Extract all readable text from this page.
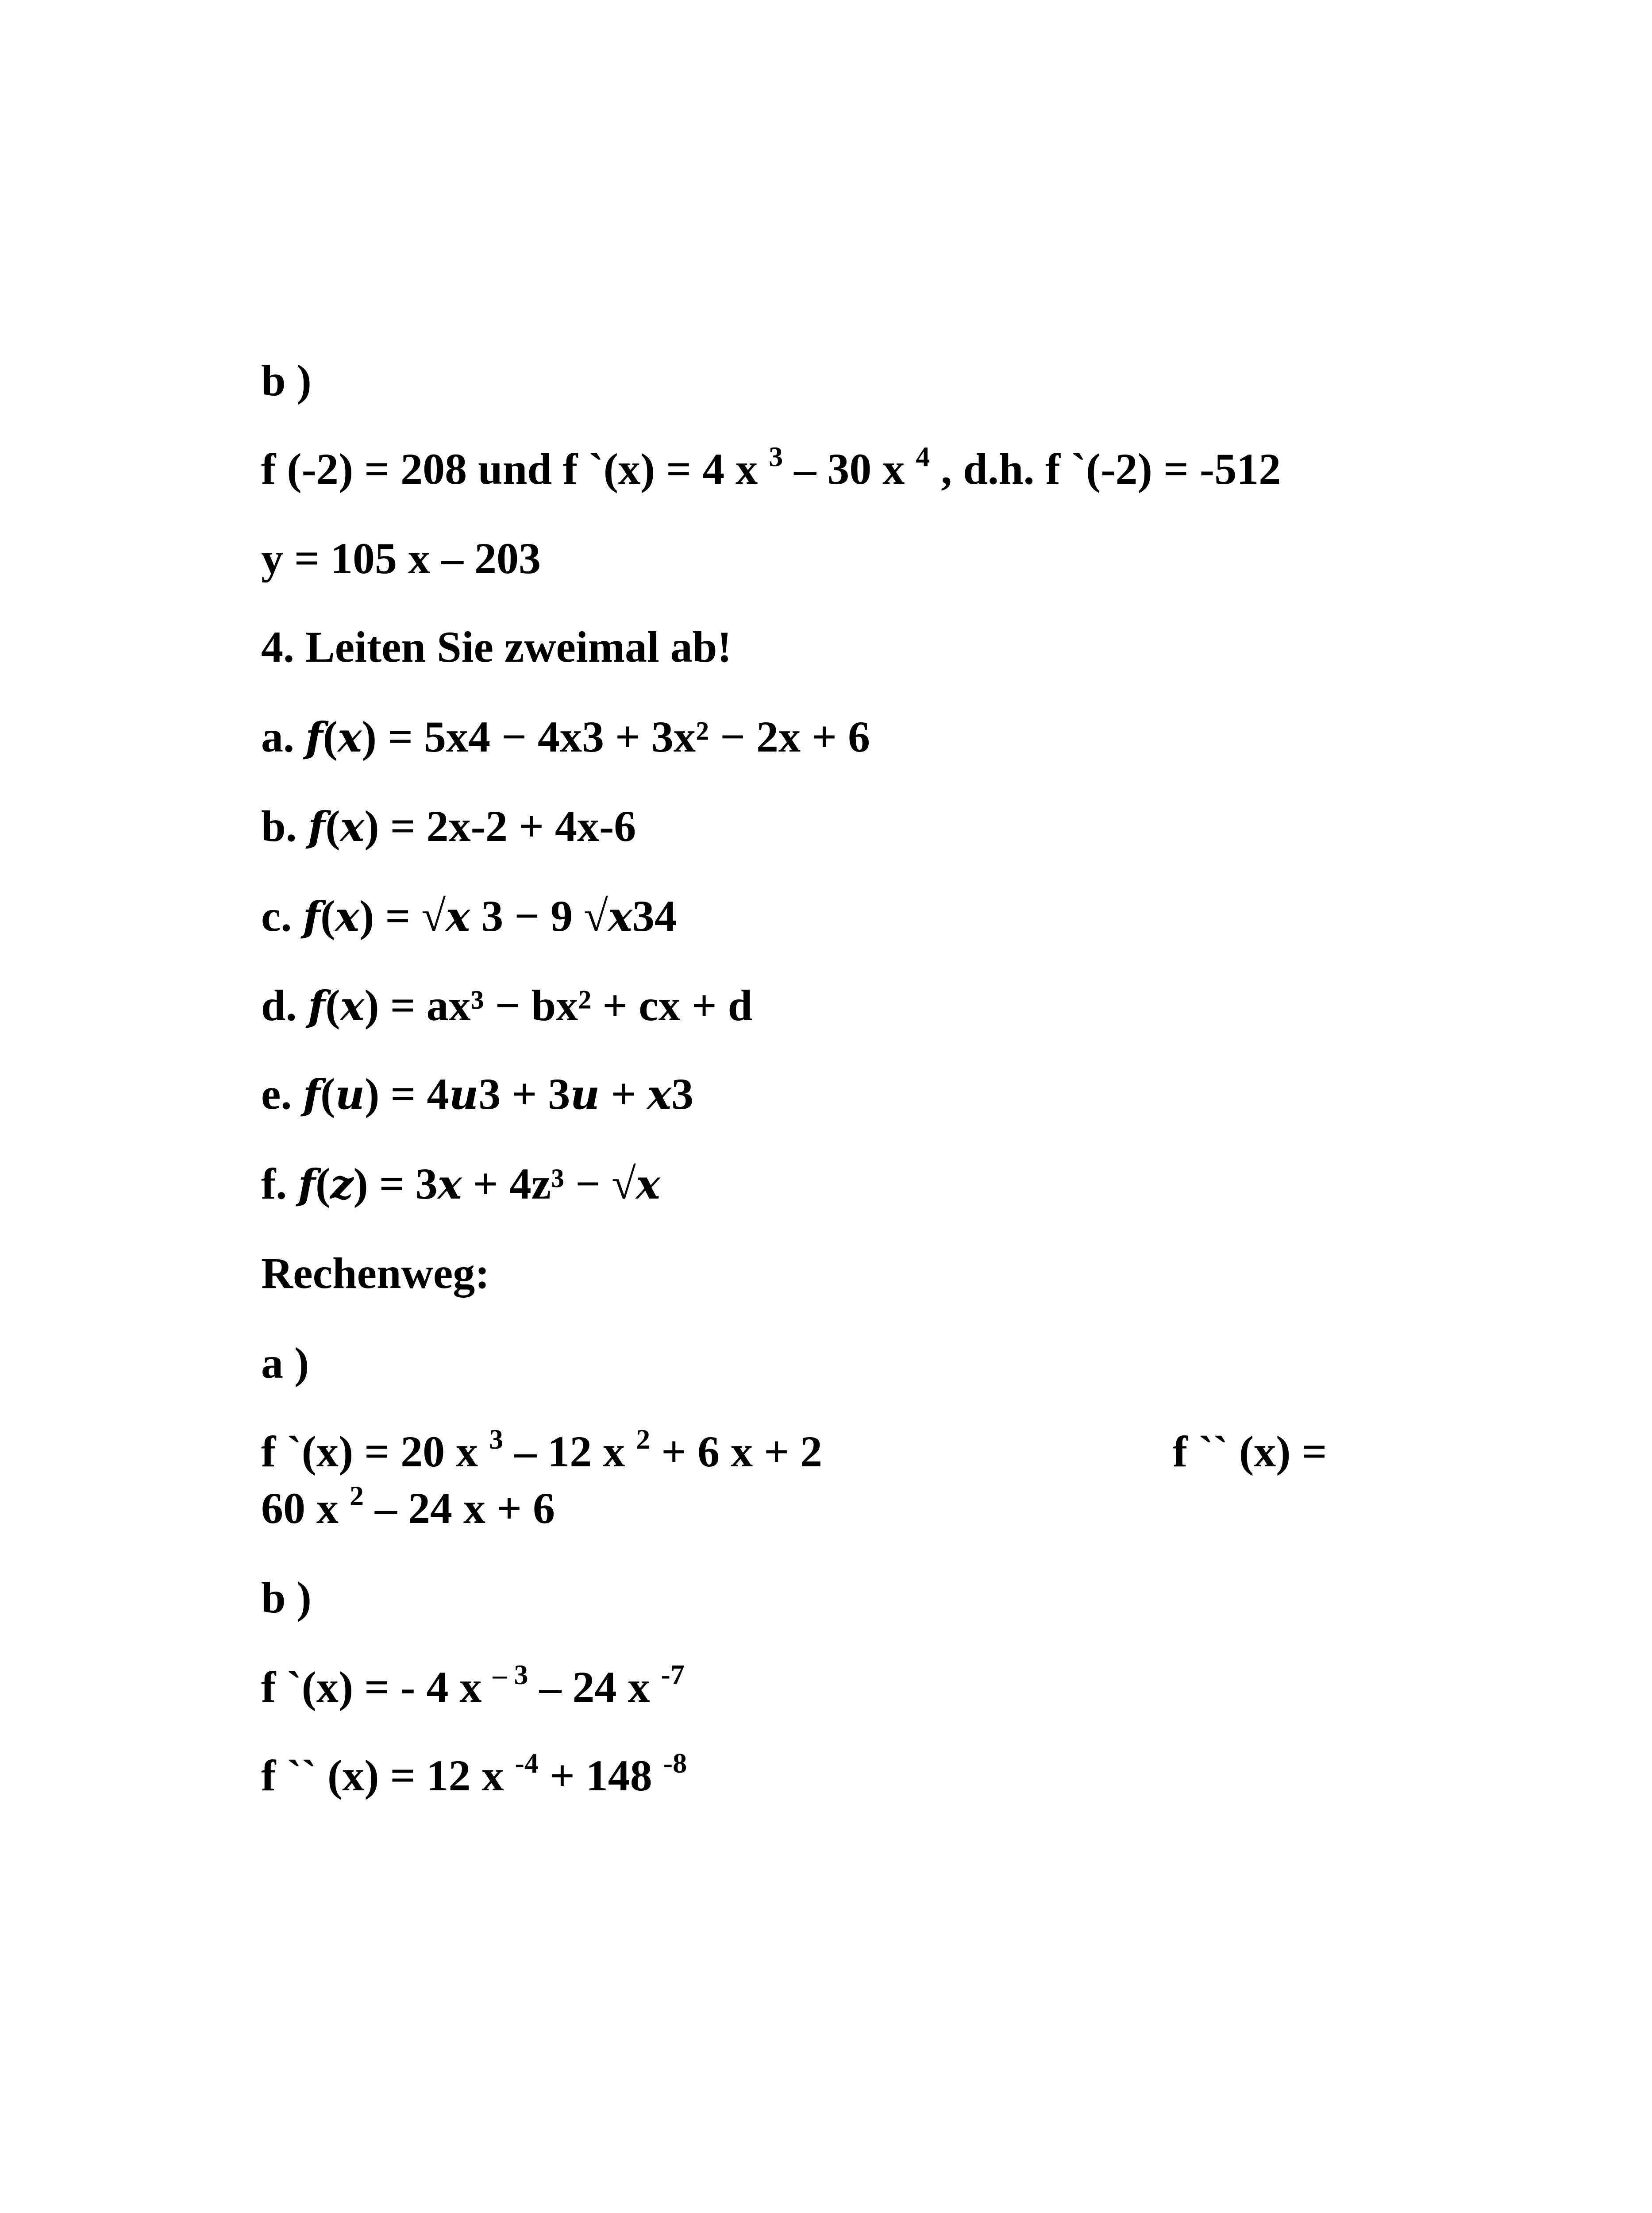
b )
f (-2) = 208 und f `(x) = 4 x $^3$ – 30 x $^4$ , d.h. f `(-2) = -512
y = 105 x – 203
4. Leiten Sie zweimal ab!
a. f(x) = 5x4 − 4x3 + 3x² − 2x + 6
b. f(x) = 2x-2 + 4x-6
c. f(x) = √x 3 − 9 √x34
d. f(x) = ax³ − bx² + cx + d
e. f(u) = 4u3 + 3u + x3
f. f(z) = 3x + 4z³ − √x
Rechenweg:
a )
f `(x) = 20 x $^3$ – 12 x $^2$ + 6 x + 2	f `` (x) =
60 x $^2$ – 24 x + 6
b )
f `(x) = - 4 x $^{- 3}$ – 24 x $^{-7}$
f `` (x) = 12 x $^{-4}$ + 148 $^{-8}$
